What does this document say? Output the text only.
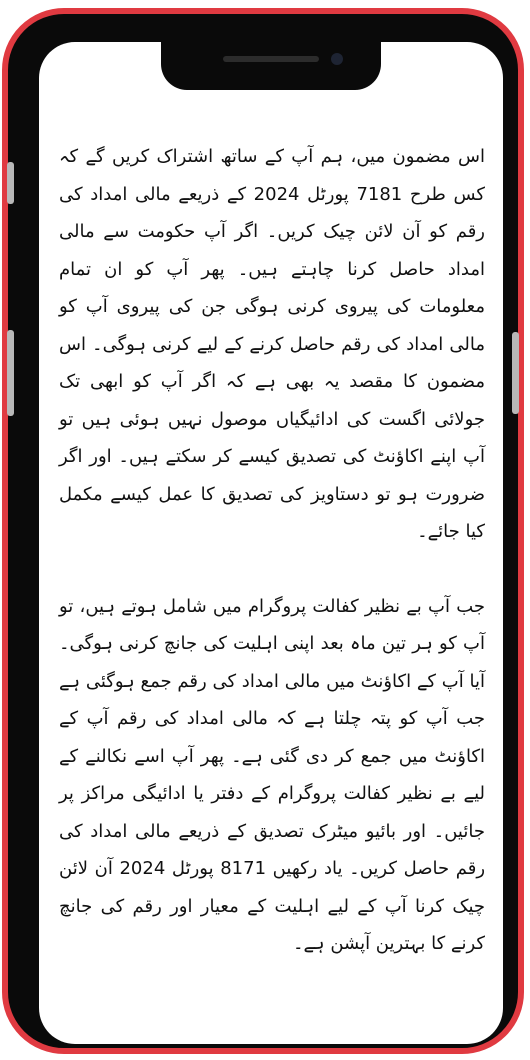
اس مضمون میں، ہم آپ کے ساتھ اشتراک کریں گے کہ کس طرح 7181 پورٹل 2024 کے ذریعے مالی امداد کی رقم کو آن لائن چیک کریں۔ اگر آپ حکومت سے مالی امداد حاصل کرنا چاہتے ہیں۔ پھر آپ کو ان تمام معلومات کی پیروی کرنی ہوگی جن کی پیروی آپ کو مالی امداد کی رقم حاصل کرنے کے لیے کرنی ہوگی۔ اس مضمون کا مقصد یہ بھی ہے کہ اگر آپ کو ابھی تک جولائی اگست کی ادائیگیاں موصول نہیں ہوئی ہیں تو آپ اپنے اکاؤنٹ کی تصدیق کیسے کر سکتے ہیں۔ اور اگر ضرورت ہو تو دستاویز کی تصدیق کا عمل کیسے مکمل کیا جائے۔

جب آپ بے نظیر کفالت پروگرام میں شامل ہوتے ہیں، تو آپ کو ہر تین ماہ بعد اپنی اہلیت کی جانچ کرنی ہوگی۔ آیا آپ کے اکاؤنٹ میں مالی امداد کی رقم جمع ہوگئی ہے جب آپ کو پتہ چلتا ہے کہ مالی امداد کی رقم آپ کے اکاؤنٹ میں جمع کر دی گئی ہے۔ پھر آپ اسے نکالنے کے لیے بے نظیر کفالت پروگرام کے دفتر یا ادائیگی مراکز پر جائیں۔ اور بائیو میٹرک تصدیق کے ذریعے مالی امداد کی رقم حاصل کریں۔ یاد رکھیں 8171 پورٹل 2024 آن لائن چیک کرنا آپ کے لیے اہلیت کے معیار اور رقم کی جانچ کرنے کا بہترین آپشن ہے۔
